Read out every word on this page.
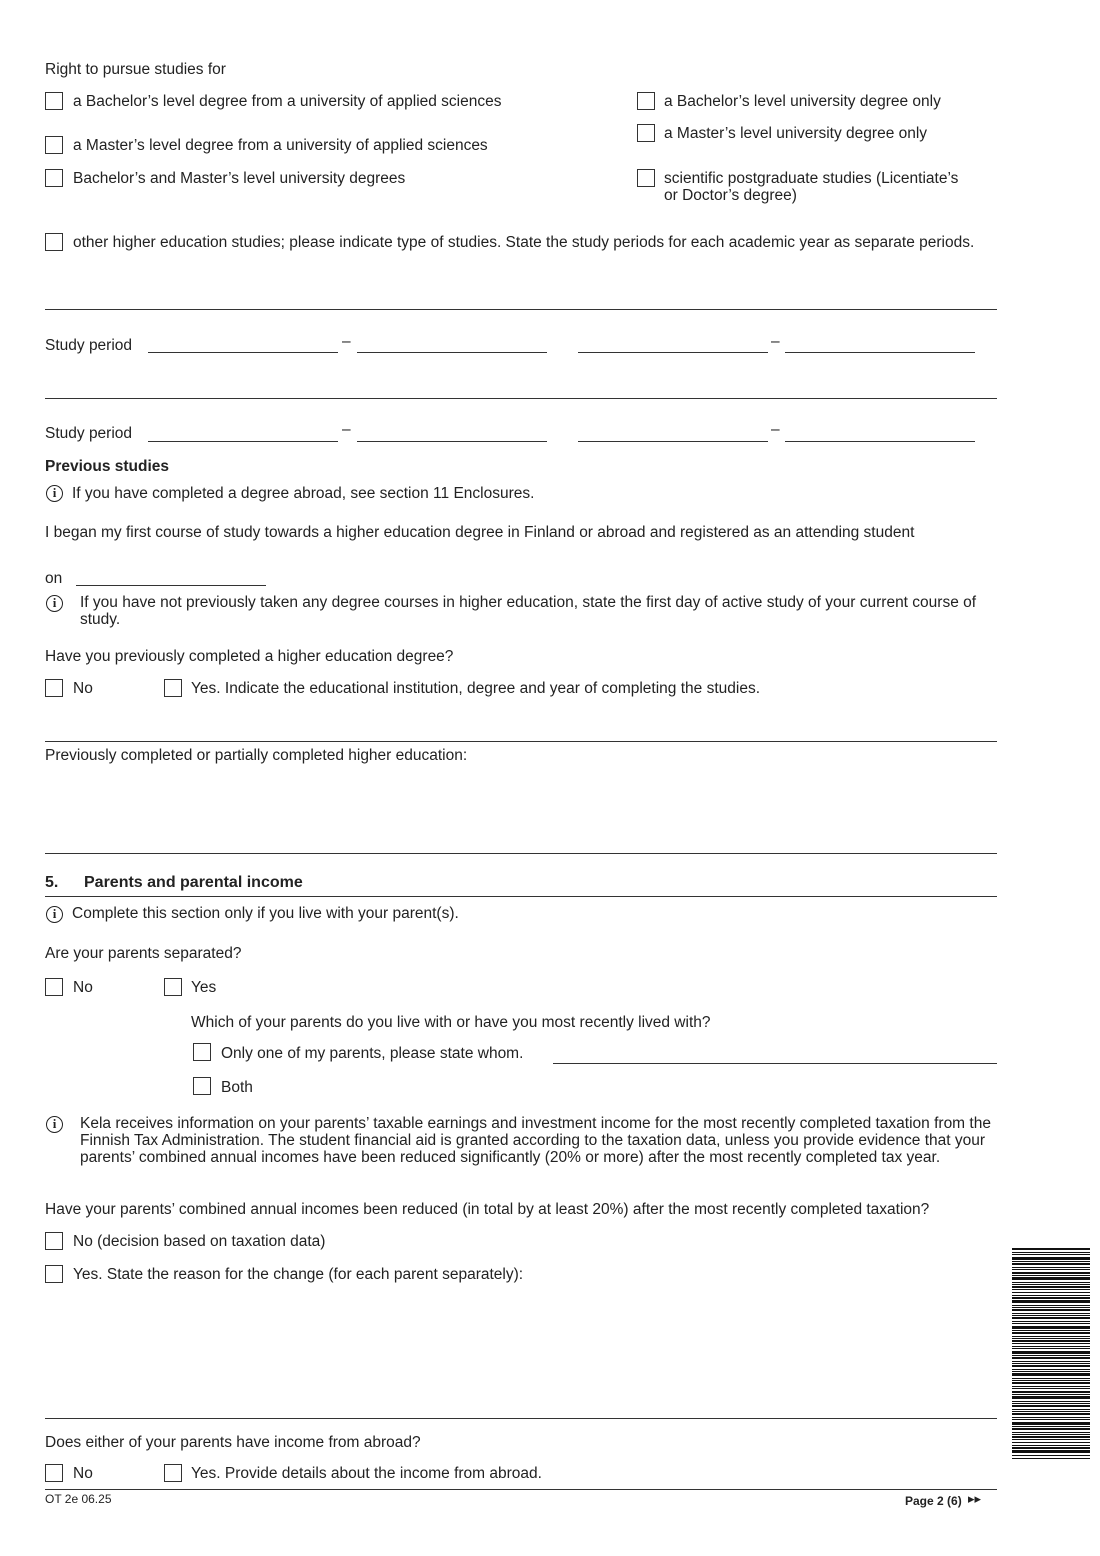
Right to pursue studies for
a Bachelor’s level degree from a university of applied sciences
a Master’s level degree from a university of applied sciences
Bachelor’s and Master’s level university degrees
a Bachelor’s level university degree only
a Master’s level university degree only
scientific postgraduate studies (Licentiate’s
or Doctor’s degree)
other higher education studies; please indicate type of studies. State the study periods for each academic year as separate periods.
Study period	–	–
Study period	–	–
Previous studies
i	If you have completed a degree abroad, see section 11 Enclosures.
I began my first course of study towards a higher education degree in Finland or abroad and registered as an attending student
on
i	If you have not previously taken any degree courses in higher education, state the first day of active study of your current course of study.
Have you previously completed a higher education degree?
No	Yes. Indicate the educational institution, degree and year of completing the studies.
Previously completed or partially completed higher education:
5. Parents and parental income
i	Complete this section only if you live with your parent(s).
Are your parents separated?
No	Yes
Which of your parents do you live with or have you most recently lived with?
Only one of my parents, please state whom.
Both
i	Kela receives information on your parents’ taxable earnings and investment income for the most recently completed taxation from the Finnish Tax Administration. The student financial aid is granted according to the taxation data, unless you provide evidence that your parents’ combined annual incomes have been reduced significantly (20% or more) after the most recently completed tax year.
Have your parents’ combined annual incomes been reduced (in total by at least 20%) after the most recently completed taxation?
No (decision based on taxation data)
Yes. State the reason for the change (for each parent separately):
Does either of your parents have income from abroad?
No	Yes. Provide details about the income from abroad.
OT 2e 06.25	Page 2 (6) ▸▸
